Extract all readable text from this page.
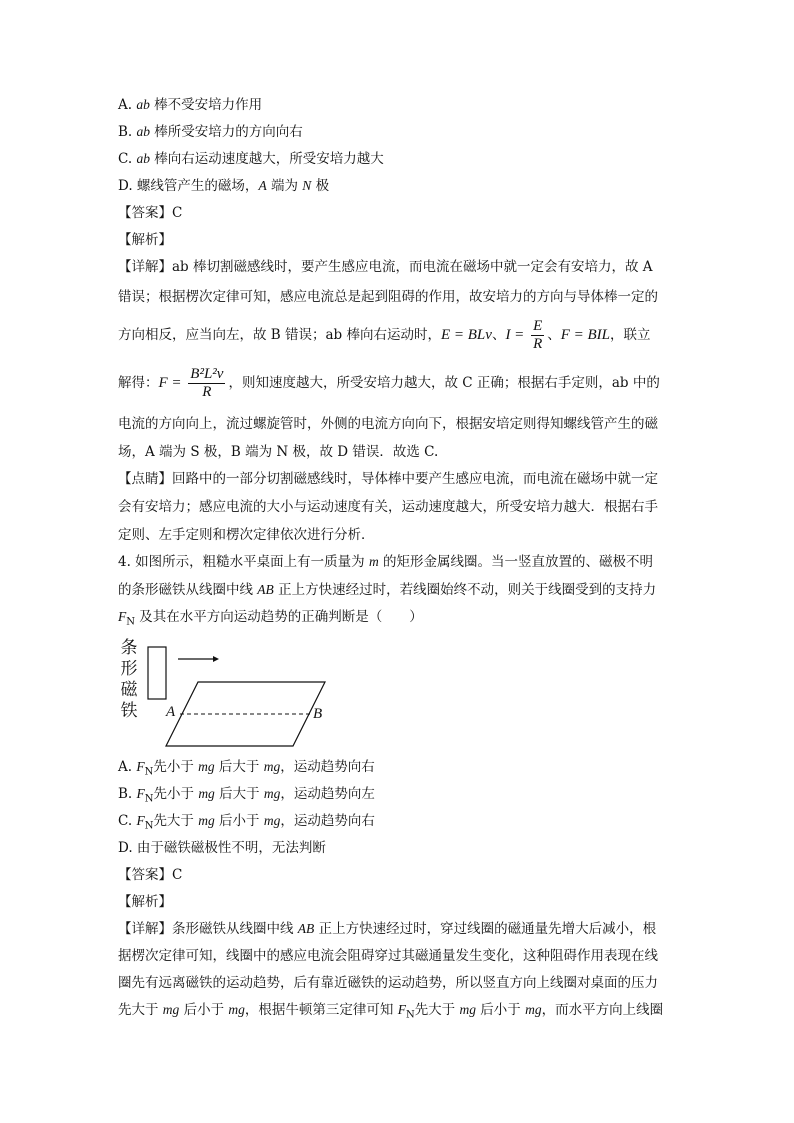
A. ab 棒不受安培力作用
B. ab 棒所受安培力的方向向右
C. ab 棒向右运动速度越大，所受安培力越大
D. 螺线管产生的磁场，A 端为 N 极
【答案】C
【解析】
【详解】ab 棒切割磁感线时，要产生感应电流，而电流在磁场中就一定会有安培力，故 A
错误；根据楞次定律可知，感应电流总是起到阻碍的作用，故安培力的方向与导体棒一定的
方向相反，应当向左，故 B 错误；ab 棒向右运动时，E = BLv、$I = \frac{E}{R}$ 、F = BIL，联立
解得：$F = \frac{\text{B²L²v}}{R}$ ，则知速度越大，所受安培力越大，故 C 正确；根据右手定则，ab 中的
电流的方向向上，流过螺旋管时，外侧的电流方向向下，根据安培定则得知螺线管产生的磁
场，A 端为 S 极，B 端为 N 极，故 D 错误．故选 C.
【点睛】回路中的一部分切割磁感线时，导体棒中要产生感应电流，而电流在磁场中就一定
会有安培力；感应电流的大小与运动速度有关，运动速度越大，所受安培力越大．根据右手
定则、左手定则和楞次定律依次进行分析．
4. 如图所示，粗糙水平桌面上有一质量为 m 的矩形金属线圈。当一竖直放置的、磁极不明
的条形磁铁从线圈中线 AB 正上方快速经过时，若线圈始终不动，则关于线圈受到的支持力
$F_N$ 及其在水平方向运动趋势的正确判断是（　　）
条
形
磁
铁 A	B
A. $F_N$先小于 mg 后大于 mg，运动趋势向右
B. $F_N$先小于 mg 后大于 mg，运动趋势向左
C. $F_N$先大于 mg 后小于 mg，运动趋势向右
D. 由于磁铁磁极性不明，无法判断
【答案】C
【解析】
【详解】条形磁铁从线圈中线 AB 正上方快速经过时，穿过线圈的磁通量先增大后减小，根
据楞次定律可知，线圈中的感应电流会阻碍穿过其磁通量发生变化，这种阻碍作用表现在线
圈先有远离磁铁的运动趋势，后有靠近磁铁的运动趋势，所以竖直方向上线圈对桌面的压力
先大于 mg 后小于 mg，根据牛顿第三定律可知 $F_N$先大于 mg 后小于 mg，而水平方向上线圈
